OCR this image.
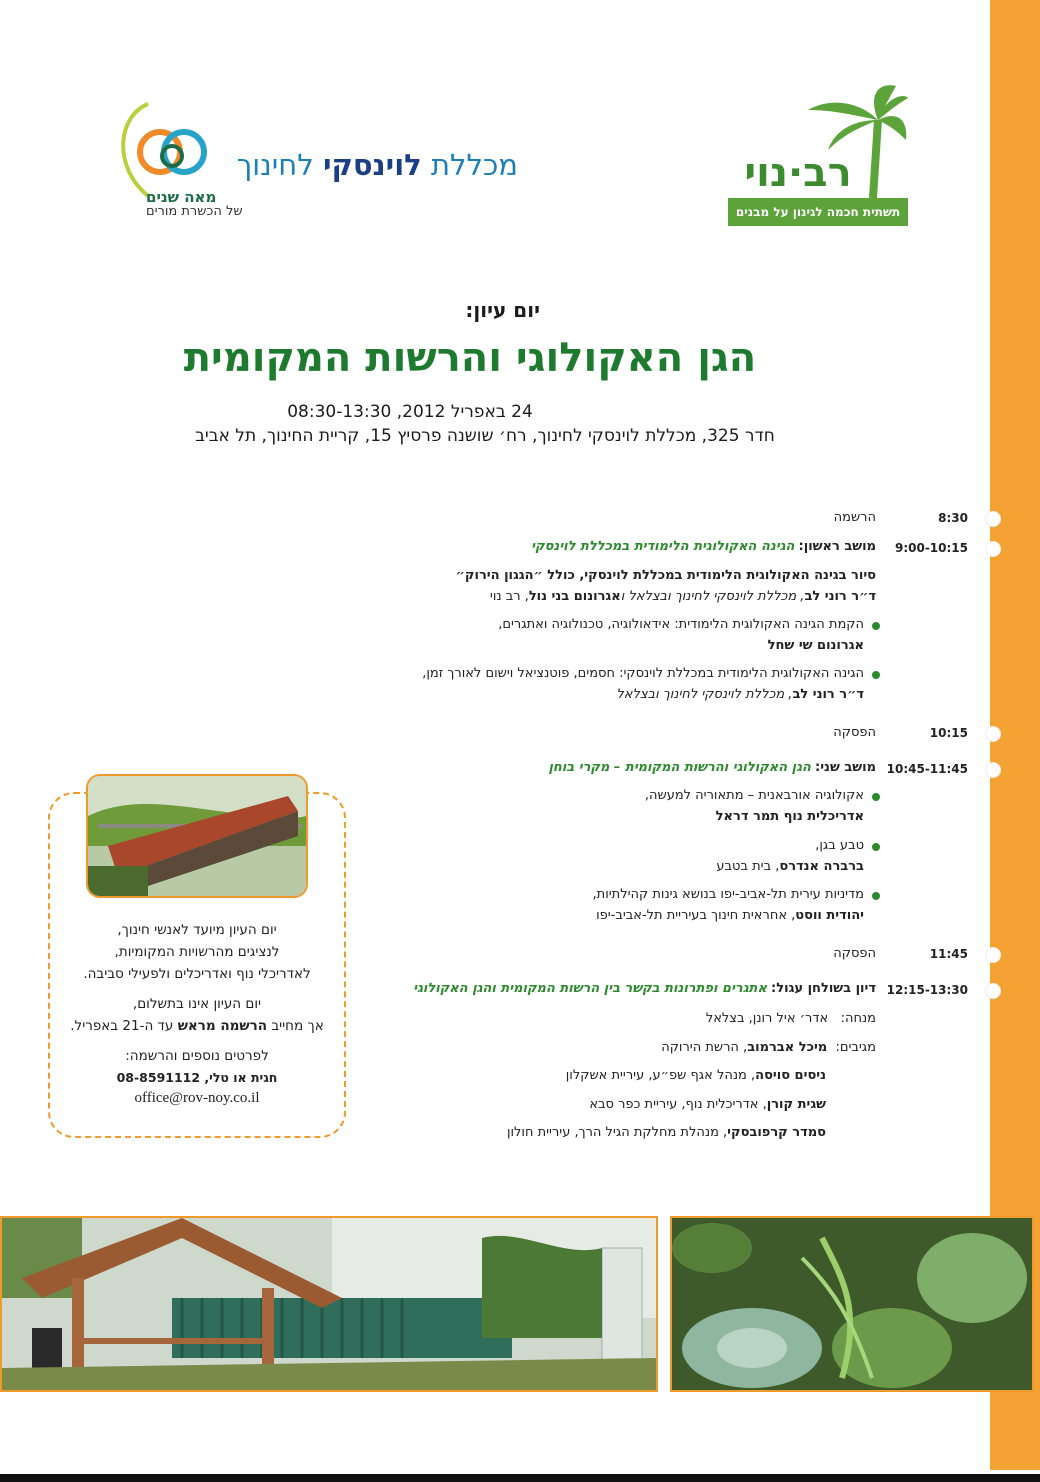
מכללת לוינסקי לחינוך
מאה שנים
של הכשרת מורים
רב·נוי
תשתית חכמה לגינון על מבנים
יום עיון:
הגן האקולוגי והרשות המקומית
24 באפריל 2012, 08:30-13:30
חדר 325, מכללת לוינסקי לחינוך, רח׳ שושנה פרסיץ 15, קריית החינוך, תל אביב
8:30
הרשמה
9:00-10:15
מושב ראשון: הגינה האקולוגית הלימודית במכללת לוינסקי
סיור בגינה האקולוגית הלימודית במכללת לוינסקי, כולל ״הגגון הירוק״
ד״ר רוני לב, מכללת לוינסקי לחינוך ובצלאל ואגרונום בני נול, רב נוי
הקמת הגינה האקולוגית הלימודית: אידאולוגיה, טכנולוגיה ואתגרים,
אגרונום שי שחל
הגינה האקולוגית הלימודית במכללת לוינסקי: חסמים, פוטנציאל וישום לאורך זמן,
ד״ר רוני לב, מכללת לוינסקי לחינוך ובצלאל
10:15
הפסקה
10:45-11:45
מושב שני: הגן האקולוגי והרשות המקומית – מקרי בוחן
אקולוגיה אורבאנית – מתאוריה למעשה,
אדריכלית נוף תמר דראל
טבע בגן,
ברברה אנדרס, בית בטבע
מדיניות עירית תל-אביב-יפו בנושא גינות קהילתיות,
יהודית ווסט, אחראית חינוך בעיריית תל-אביב-יפו
11:45
הפסקה
12:15-13:30
דיון בשולחן עגול: אתגרים ופתרונות בקשר בין הרשות המקומית והגן האקולוגי
מנחה:   אדר׳ איל רונן, בצלאל
מגיבים:  מיכל אברמוב, הרשת הירוקה
ניסים סויסה, מנהל אגף שפ״ע, עיריית אשקלון
שגית קורן, אדריכלית נוף, עיריית כפר סבא
סמדר קרפובסקי, מנהלת מחלקת הגיל הרך, עיריית חולון
יום העיון מיועד לאנשי חינוך,
לנציגים מהרשויות המקומיות,
לאדריכלי נוף ואדריכלים ולפעילי סביבה.
יום העיון אינו בתשלום,
אך מחייב הרשמה מראש עד ה-21 באפריל.
לפרטים נוספים והרשמה:
חגית או טלי, 08-8591112
office@rov-noy.co.il
